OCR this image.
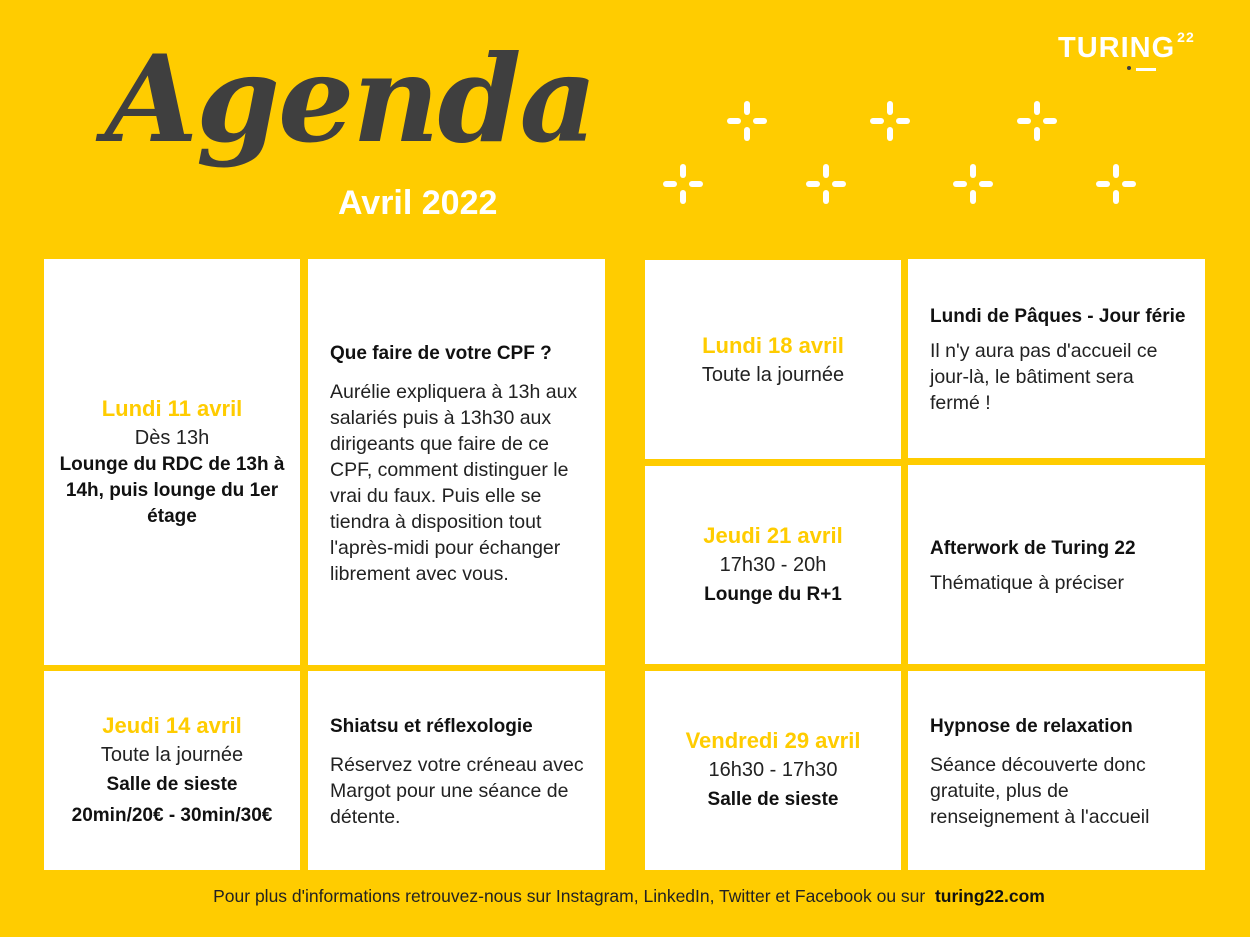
Agenda
Avril 2022
TURING $^{22}$
Lundi 11 avril
Dès 13h
Lounge du RDC de 13h à 14h, puis lounge du 1er étage
Que faire de votre CPF ?
Aurélie expliquera à 13h aux salariés puis à 13h30 aux dirigeants que faire de ce CPF, comment distinguer le vrai du faux. Puis elle se tiendra à disposition tout l'après-midi pour échanger librement avec vous.
Jeudi 14 avril
Toute la journée
Salle de sieste 20min/20€ - 30min/30€
Shiatsu et réflexologie
Réservez votre créneau avec Margot pour une séance de détente.
Lundi 18 avril
Toute la journée
Lundi de Pâques - Jour férie
Il n'y aura pas d'accueil ce jour-là, le bâtiment sera fermé !
Jeudi 21 avril
17h30 - 20h
Lounge du R+1
Afterwork de Turing 22
Thématique à préciser
Vendredi 29 avril
16h30 - 17h30
Salle de sieste
Hypnose de relaxation
Séance découverte donc gratuite, plus de renseignement à l'accueil
Pour plus d'informations retrouvez-nous sur Instagram, LinkedIn, Twitter et Facebook ou sur turing22.com
